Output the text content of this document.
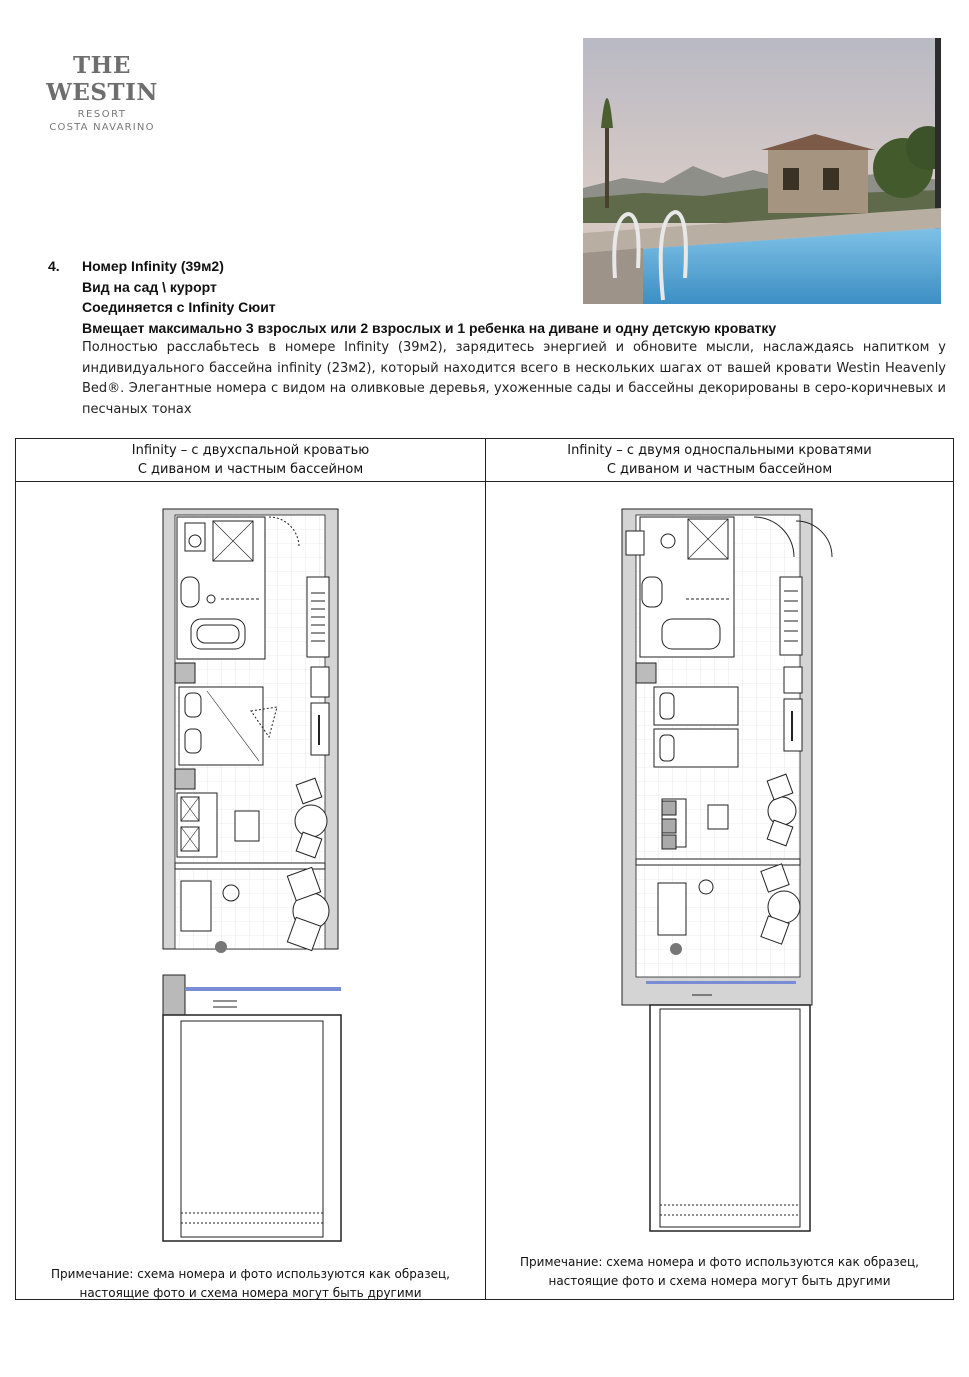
THE WESTIN
RESORT
COSTA NAVARINO
4. Номер Infinity (39м2)
Вид на сад \ курорт
Соединяется с Infinity Сюит
Вмещает максимально 3 взрослых или 2 взрослых и 1 ребенка на диване и одну детскую кроватку
Полностью расслабьтесь в номере Infinity (39м2), зарядитесь энергией и обновите мысли, наслаждаясь напитком у индивидуального бассейна infinity (23м2), который находится всего в нескольких шагах от вашей кровати Westin Heavenly Bed®. Элегантные номера с видом на оливковые деревья, ухоженные сады и бассейны декорированы в серо-коричневых и песчаных тонах
Infinity – с двухспальной кроватью
С диваном и частным бассейном
Infinity – с двумя односпальными кроватями
С диваном и частным бассейном
Примечание: схема номера и фото используются как образец,
настоящие фото и схема номера могут быть другими
Примечание: схема номера и фото используются как образец,
настоящие фото и схема номера могут быть другими
